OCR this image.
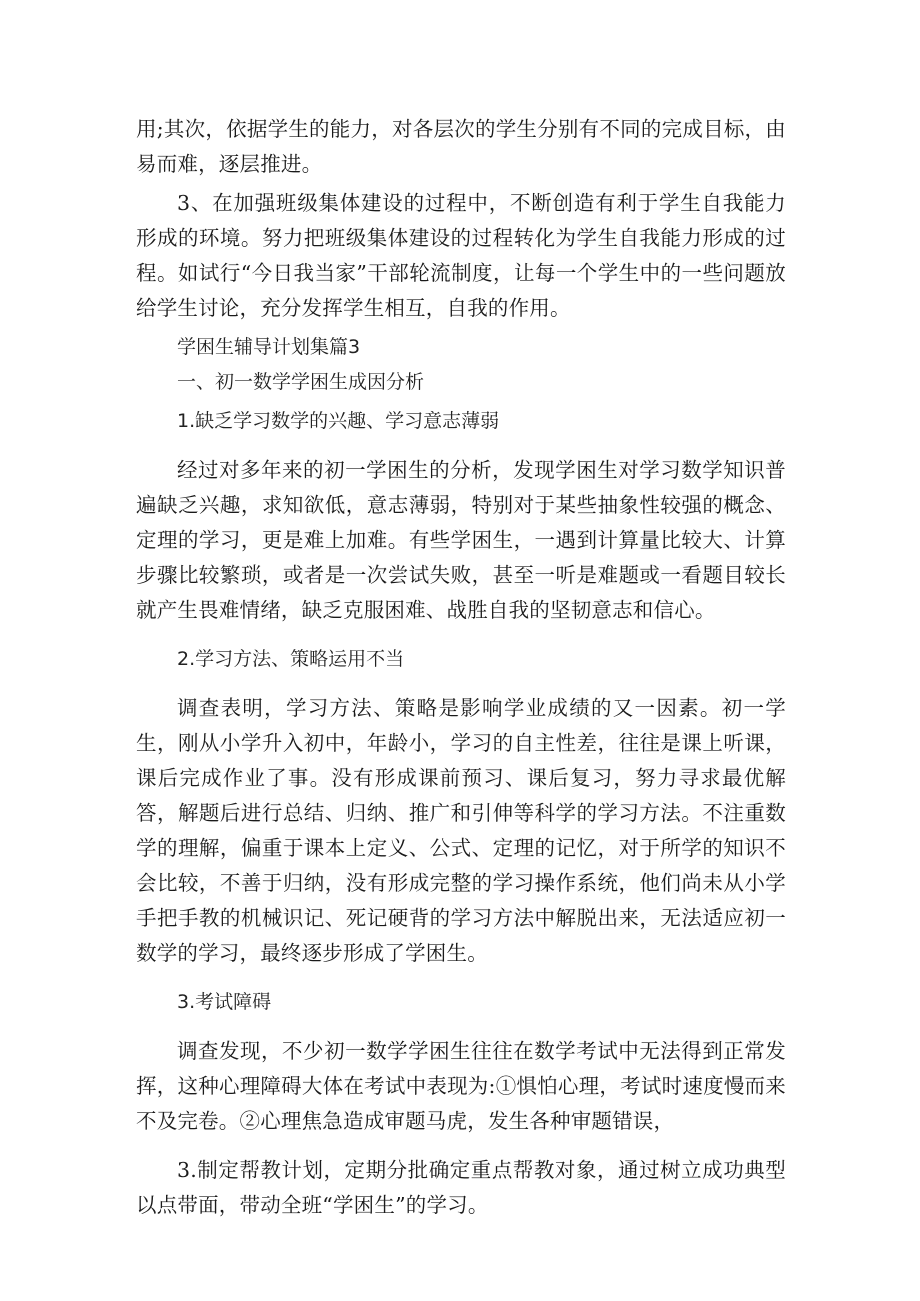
用;其次，依据学生的能力，对各层次的学生分别有不同的完成目标，由易而难，逐层推进。

3、在加强班级集体建设的过程中，不断创造有利于学生自我能力形成的环境。努力把班级集体建设的过程转化为学生自我能力形成的过程。如试行“今日我当家”干部轮流制度，让每一个学生中的一些问题放给学生讨论，充分发挥学生相互，自我的作用。

学困生辅导计划集篇3

一、初一数学学困生成因分析

1.缺乏学习数学的兴趣、学习意志薄弱

经过对多年来的初一学困生的分析，发现学困生对学习数学知识普遍缺乏兴趣，求知欲低，意志薄弱，特别对于某些抽象性较强的概念、定理的学习，更是难上加难。有些学困生，一遇到计算量比较大、计算步骤比较繁琐，或者是一次尝试失败，甚至一听是难题或一看题目较长就产生畏难情绪，缺乏克服困难、战胜自我的坚韧意志和信心。

2.学习方法、策略运用不当

调查表明，学习方法、策略是影响学业成绩的又一因素。初一学生，刚从小学升入初中，年龄小，学习的自主性差，往往是课上听课，课后完成作业了事。没有形成课前预习、课后复习，努力寻求最优解答，解题后进行总结、归纳、推广和引伸等科学的学习方法。不注重数学的理解，偏重于课本上定义、公式、定理的记忆，对于所学的知识不会比较，不善于归纳，没有形成完整的学习操作系统，他们尚未从小学手把手教的机械识记、死记硬背的学习方法中解脱出来，无法适应初一数学的学习，最终逐步形成了学困生。

3.考试障碍

调查发现，不少初一数学学困生往往在数学考试中无法得到正常发挥，这种心理障碍大体在考试中表现为:①惧怕心理，考试时速度慢而来不及完卷。②心理焦急造成审题马虎，发生各种审题错误，

3.制定帮教计划，定期分批确定重点帮教对象，通过树立成功典型以点带面，带动全班“学困生”的学习。
